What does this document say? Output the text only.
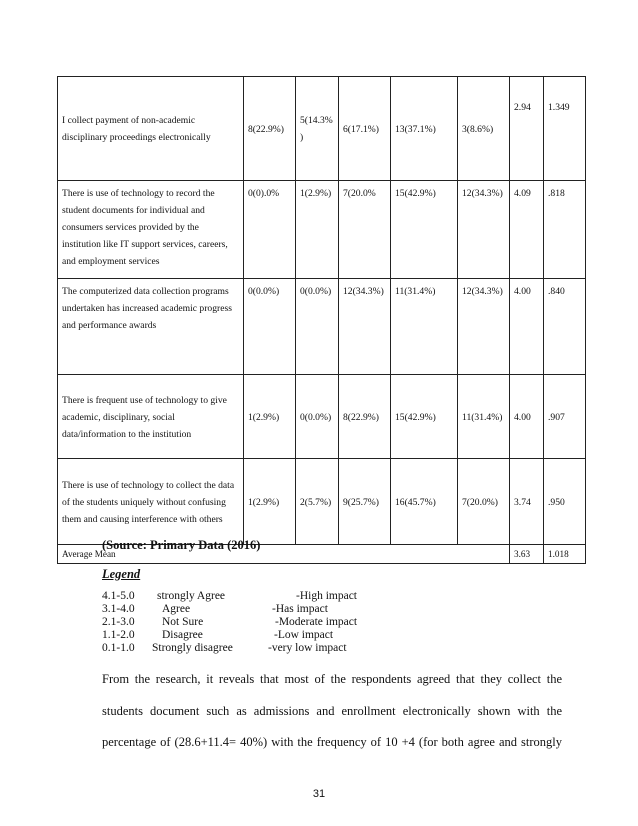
I collect payment of non-academic disciplinary proceedings electronically	8(22.9%)	5(14.3% )	6(17.1%)	13(37.1%)	3(8.6%)	2.94	1.349
There is use of technology to record the student documents for individual and consumers services provided by the institution like IT support services, careers, and employment services	0(0).0%	1(2.9%)	7(20.0%	15(42.9%)	12(34.3%)	4.09	.818
The computerized data collection programs undertaken has increased academic progress and performance awards	0(0.0%)	0(0.0%)	12(34.3%)	11(31.4%)	12(34.3%)	4.00	.840
There is frequent use of technology to give academic, disciplinary, social data/information to the institution	1(2.9%)	0(0.0%)	8(22.9%)	15(42.9%)	11(31.4%)	4.00	.907
There is use of technology to collect the data of the students uniquely without confusing them and causing interference with others	1(2.9%)	2(5.7%)	9(25.7%)	16(45.7%)	7(20.0%)	3.74	.950
Average Mean						3.63	1.018
(Source: Primary Data (2016)
Legend
4.1-5.0 strongly Agree	-High impact
3.1-4.0 Agree	-Has impact
2.1-3.0 Not Sure	-Moderate impact
1.1-2.0 Disagree	-Low impact
0.1-1.0 Strongly disagree	-very low impact
From the research, it reveals that most of the respondents agreed that they collect the
students document such as admissions and enrollment electronically shown with the
percentage of (28.6+11.4= 40%) with the frequency of 10 +4 (for both agree and strongly
31
